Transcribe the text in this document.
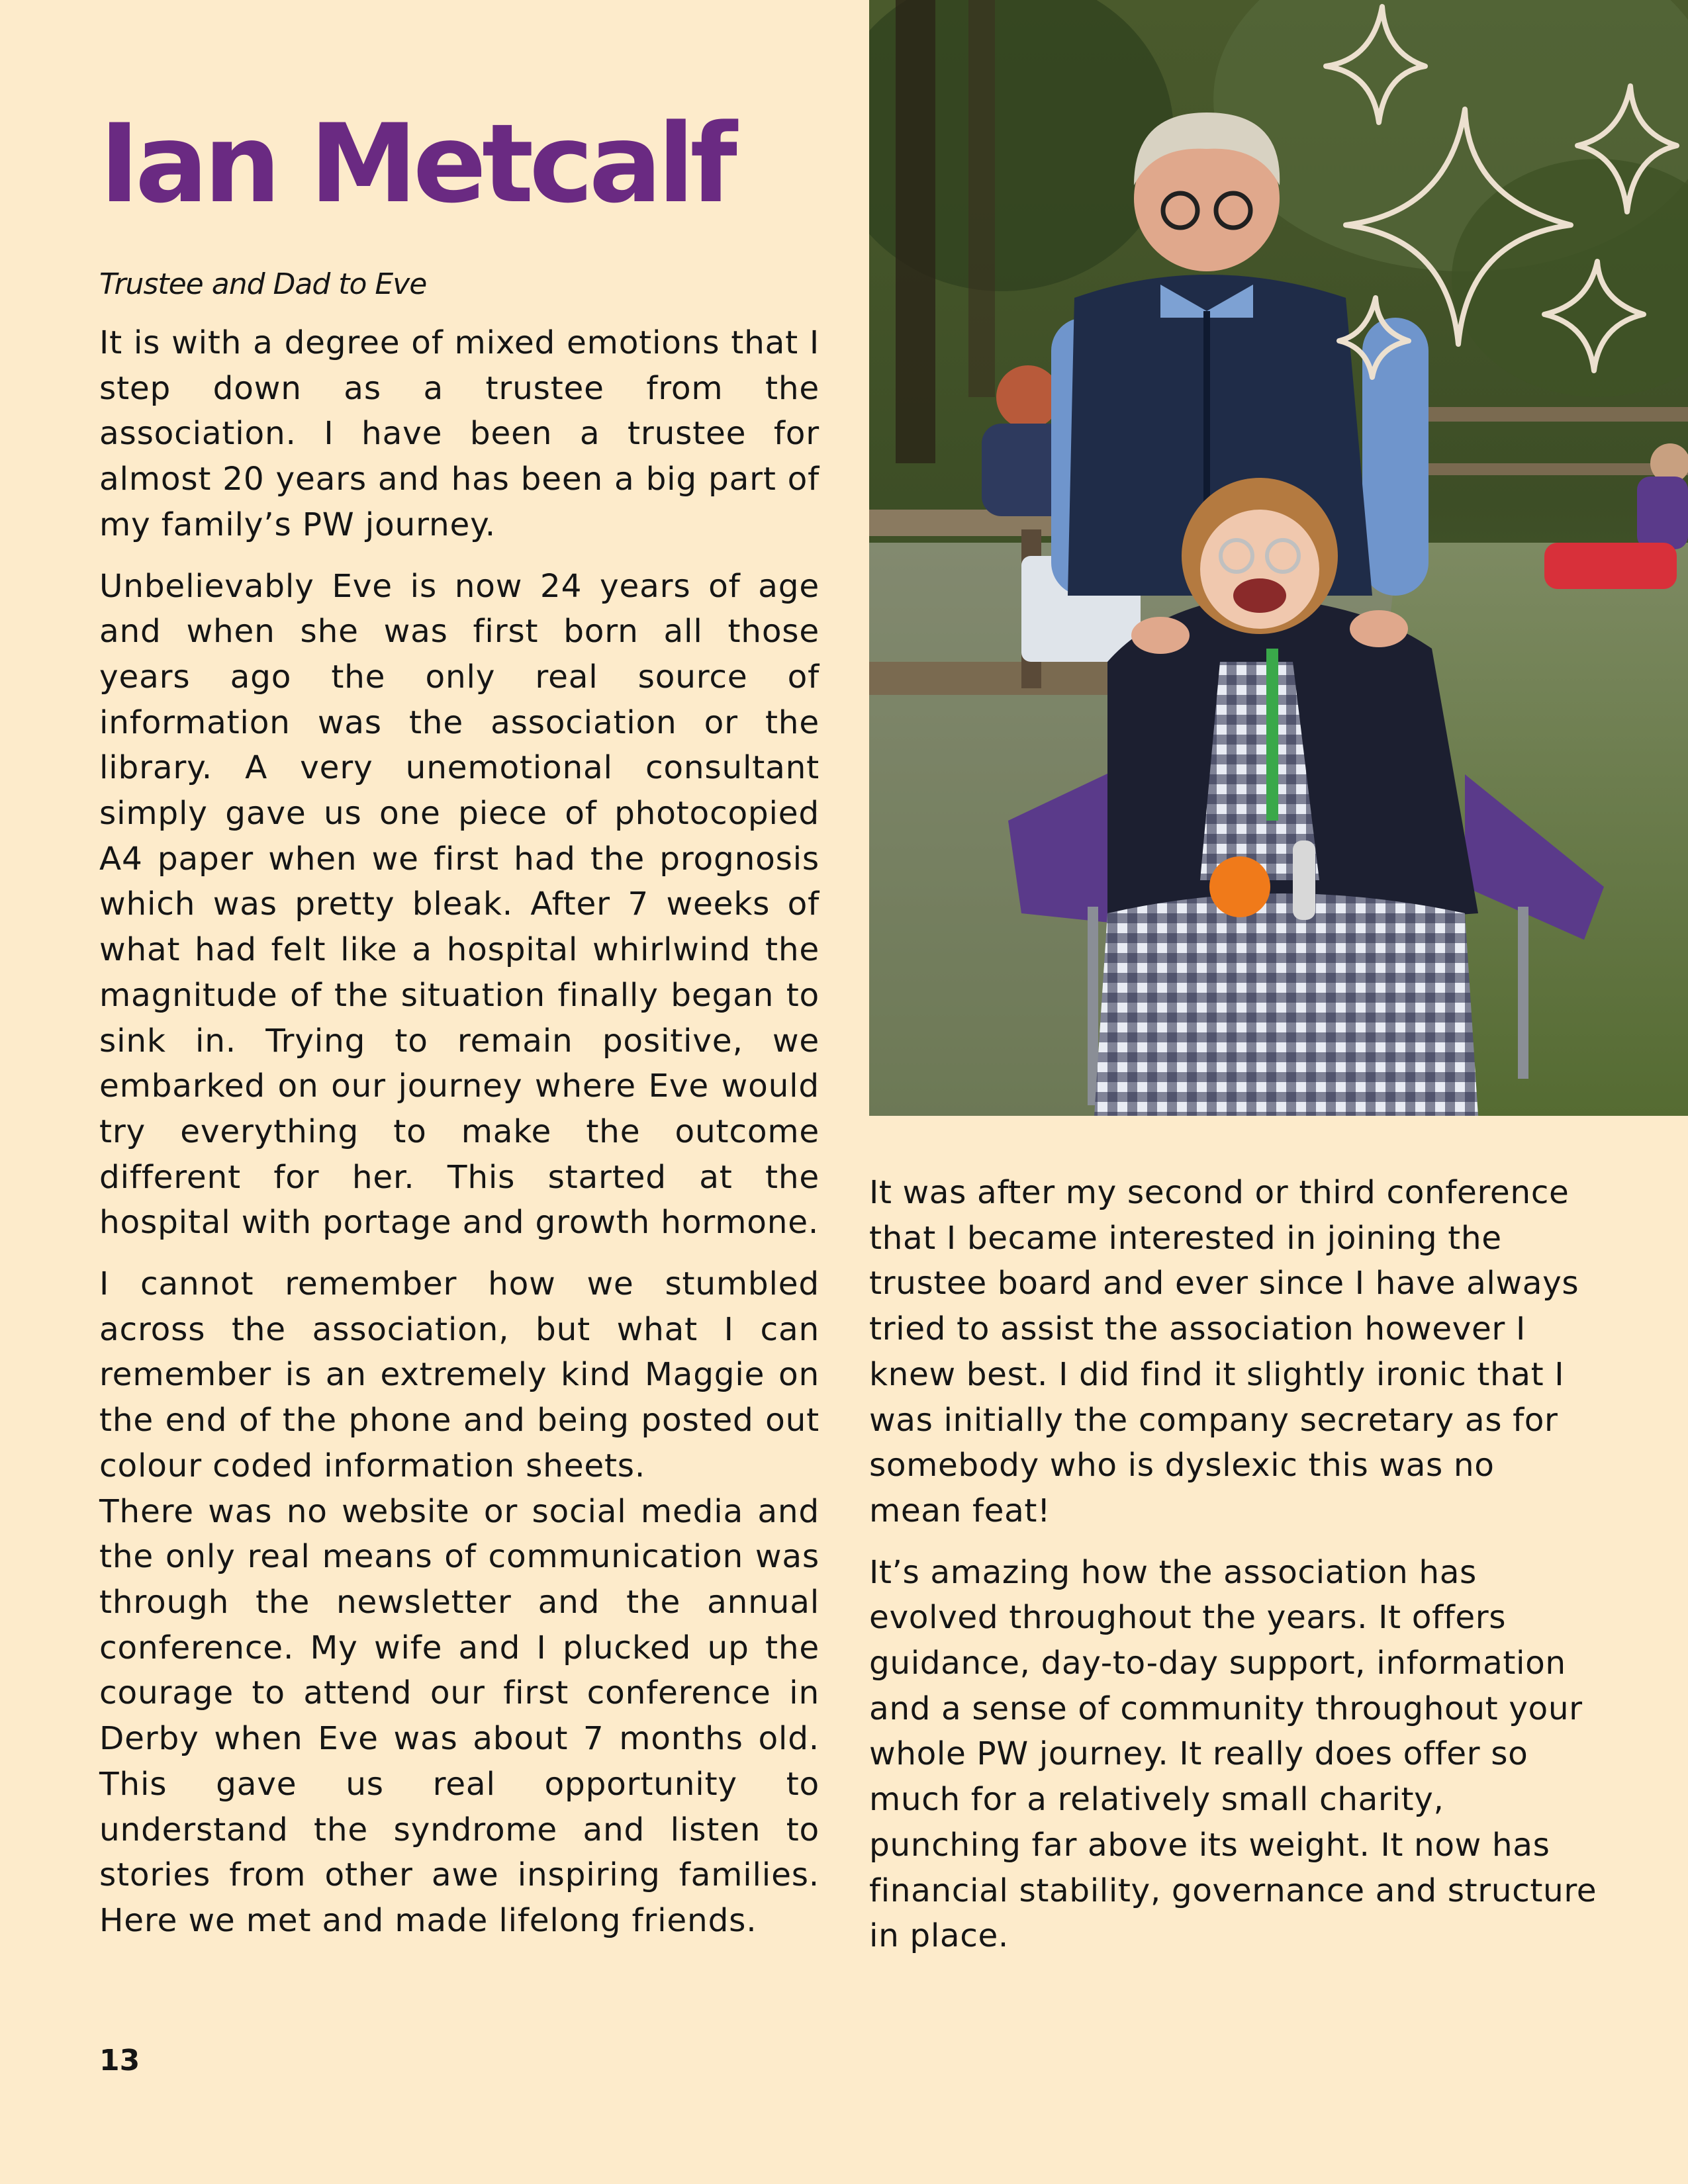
Ian Metcalf

Trustee and Dad to Eve

It is with a degree of mixed emotions that I step down as a trustee from the association. I have been a trustee for almost 20 years and has been a big part of my family’s PW journey.

Unbelievably Eve is now 24 years of age and when she was first born all those years ago the only real source of information was the association or the library. A very unemotional consultant simply gave us one piece of photocopied A4 paper when we first had the prognosis which was pretty bleak. After 7 weeks of what had felt like a hospital whirlwind the magnitude of the situation finally began to sink in. Trying to remain positive, we embarked on our journey where Eve would try everything to make the outcome different for her. This started at the hospital with portage and growth hormone.

I cannot remember how we stumbled across the association, but what I can remember is an extremely kind Maggie on the end of the phone and being posted out colour coded information sheets.

There was no website or social media and the only real means of communication was through the newsletter and the annual conference. My wife and I plucked up the courage to attend our first conference in Derby when Eve was about 7 months old. This gave us real opportunity to understand the syndrome and listen to stories from other awe inspiring families. Here we met and made lifelong friends.

It was after my second or third conference that I became interested in joining the trustee board and ever since I have always tried to assist the association however I knew best. I did find it slightly ironic that I was initially the company secretary as for somebody who is dyslexic this was no mean feat!

It’s amazing how the association has evolved throughout the years. It offers guidance, day-to-day support, information and a sense of community throughout your whole PW journey. It really does offer so much for a relatively small charity, punching far above its weight. It now has financial stability, governance and structure in place.

13
